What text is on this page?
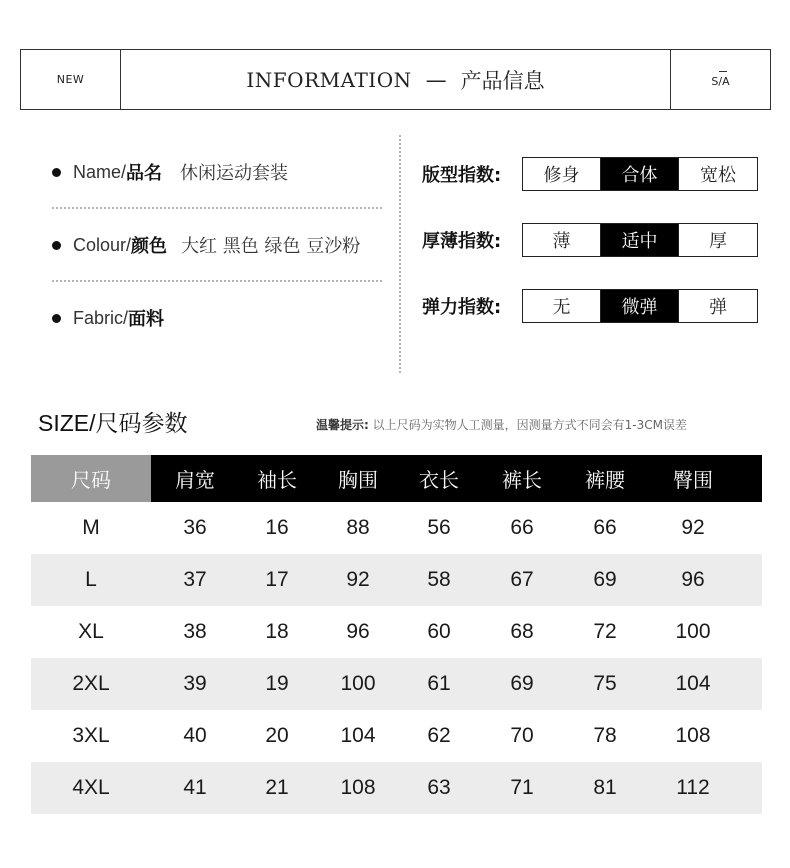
NEW	INFORMATION — 产品信息	S/A
Name/ 品名 休闲运动套装
Colour/ 颜色 大红 黑色 绿色 豆沙粉
Fabric/ 面料
版型指数:	修身	合体	宽松
厚薄指数:	薄	适中	厚
弹力指数:	无	微弹	弹
SIZE/尺码参数	温馨提示: 以上尺码为实物人工测量，因测量方式不同会有1-3CM误差
尺码	肩宽	袖长	胸围	衣长	裤长	裤腰	臀围
M	36	16	88	56	66	66	92
L	37	17	92	58	67	69	96
XL	38	18	96	60	68	72	100
2XL	39	19	100	61	69	75	104
3XL	40	20	104	62	70	78	108
4XL	41	21	108	63	71	81	112
